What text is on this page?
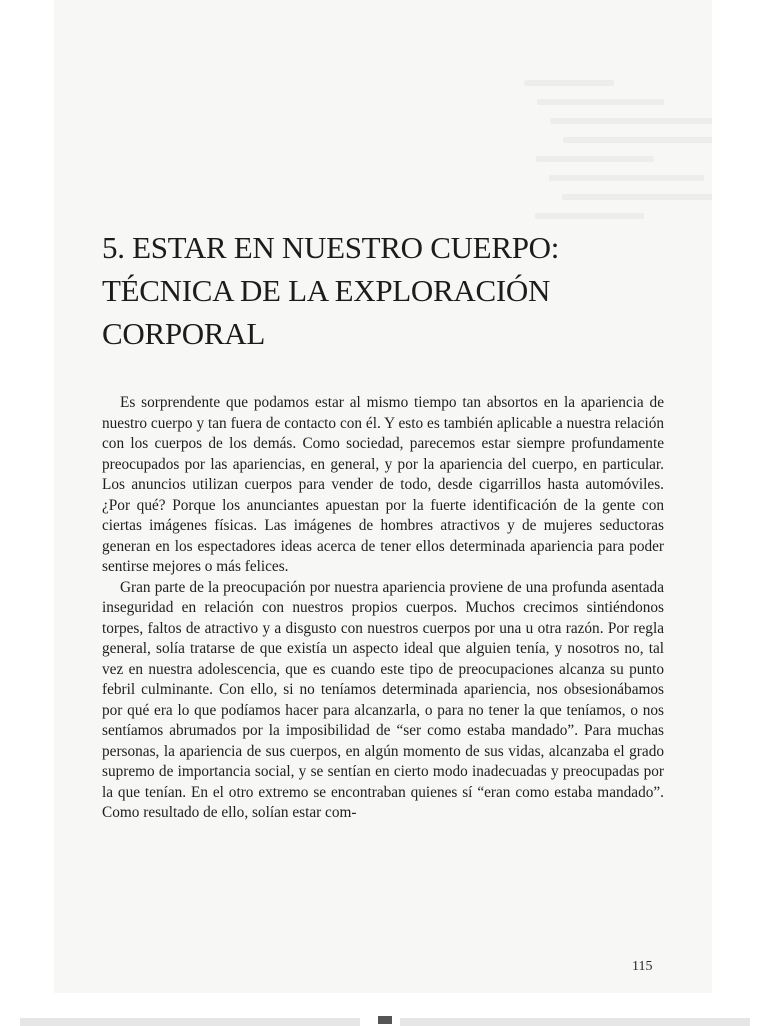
5. ESTAR EN NUESTRO CUERPO:
TÉCNICA DE LA EXPLORACIÓN
CORPORAL

Es sorprendente que podamos estar al mismo tiempo tan absortos en la apariencia de nuestro cuerpo y tan fuera de contacto con él. Y esto es también aplicable a nuestra relación con los cuerpos de los demás. Como sociedad, parecemos estar siempre profundamente preocupados por las apariencias, en general, y por la apariencia del cuerpo, en particular. Los anuncios utilizan cuerpos para vender de todo, desde cigarrillos hasta automóviles. ¿Por qué? Porque los anunciantes apuestan por la fuerte identificación de la gente con ciertas imágenes físicas. Las imágenes de hombres atractivos y de mujeres seductoras generan en los espectadores ideas acerca de tener ellos determinada apariencia para poder sentirse mejores o más felices.

Gran parte de la preocupación por nuestra apariencia proviene de una profunda asentada inseguridad en relación con nuestros propios cuerpos. Muchos crecimos sintiéndonos torpes, faltos de atractivo y a disgusto con nuestros cuerpos por una u otra razón. Por regla general, solía tratarse de que existía un aspecto ideal que alguien tenía, y nosotros no, tal vez en nuestra adolescencia, que es cuando este tipo de preocupaciones alcanza su punto febril culminante. Con ello, si no teníamos determinada apariencia, nos obsesionábamos por qué era lo que podíamos hacer para alcanzarla, o para no tener la que teníamos, o nos sentíamos abrumados por la imposibilidad de “ser como estaba mandado”. Para muchas personas, la apariencia de sus cuerpos, en algún momento de sus vidas, alcanzaba el grado supremo de importancia social, y se sentían en cierto modo inadecuadas y preocupadas por la que tenían. En el otro extremo se encontraban quienes sí “eran como estaba mandado”. Como resultado de ello, solían estar com-

115
